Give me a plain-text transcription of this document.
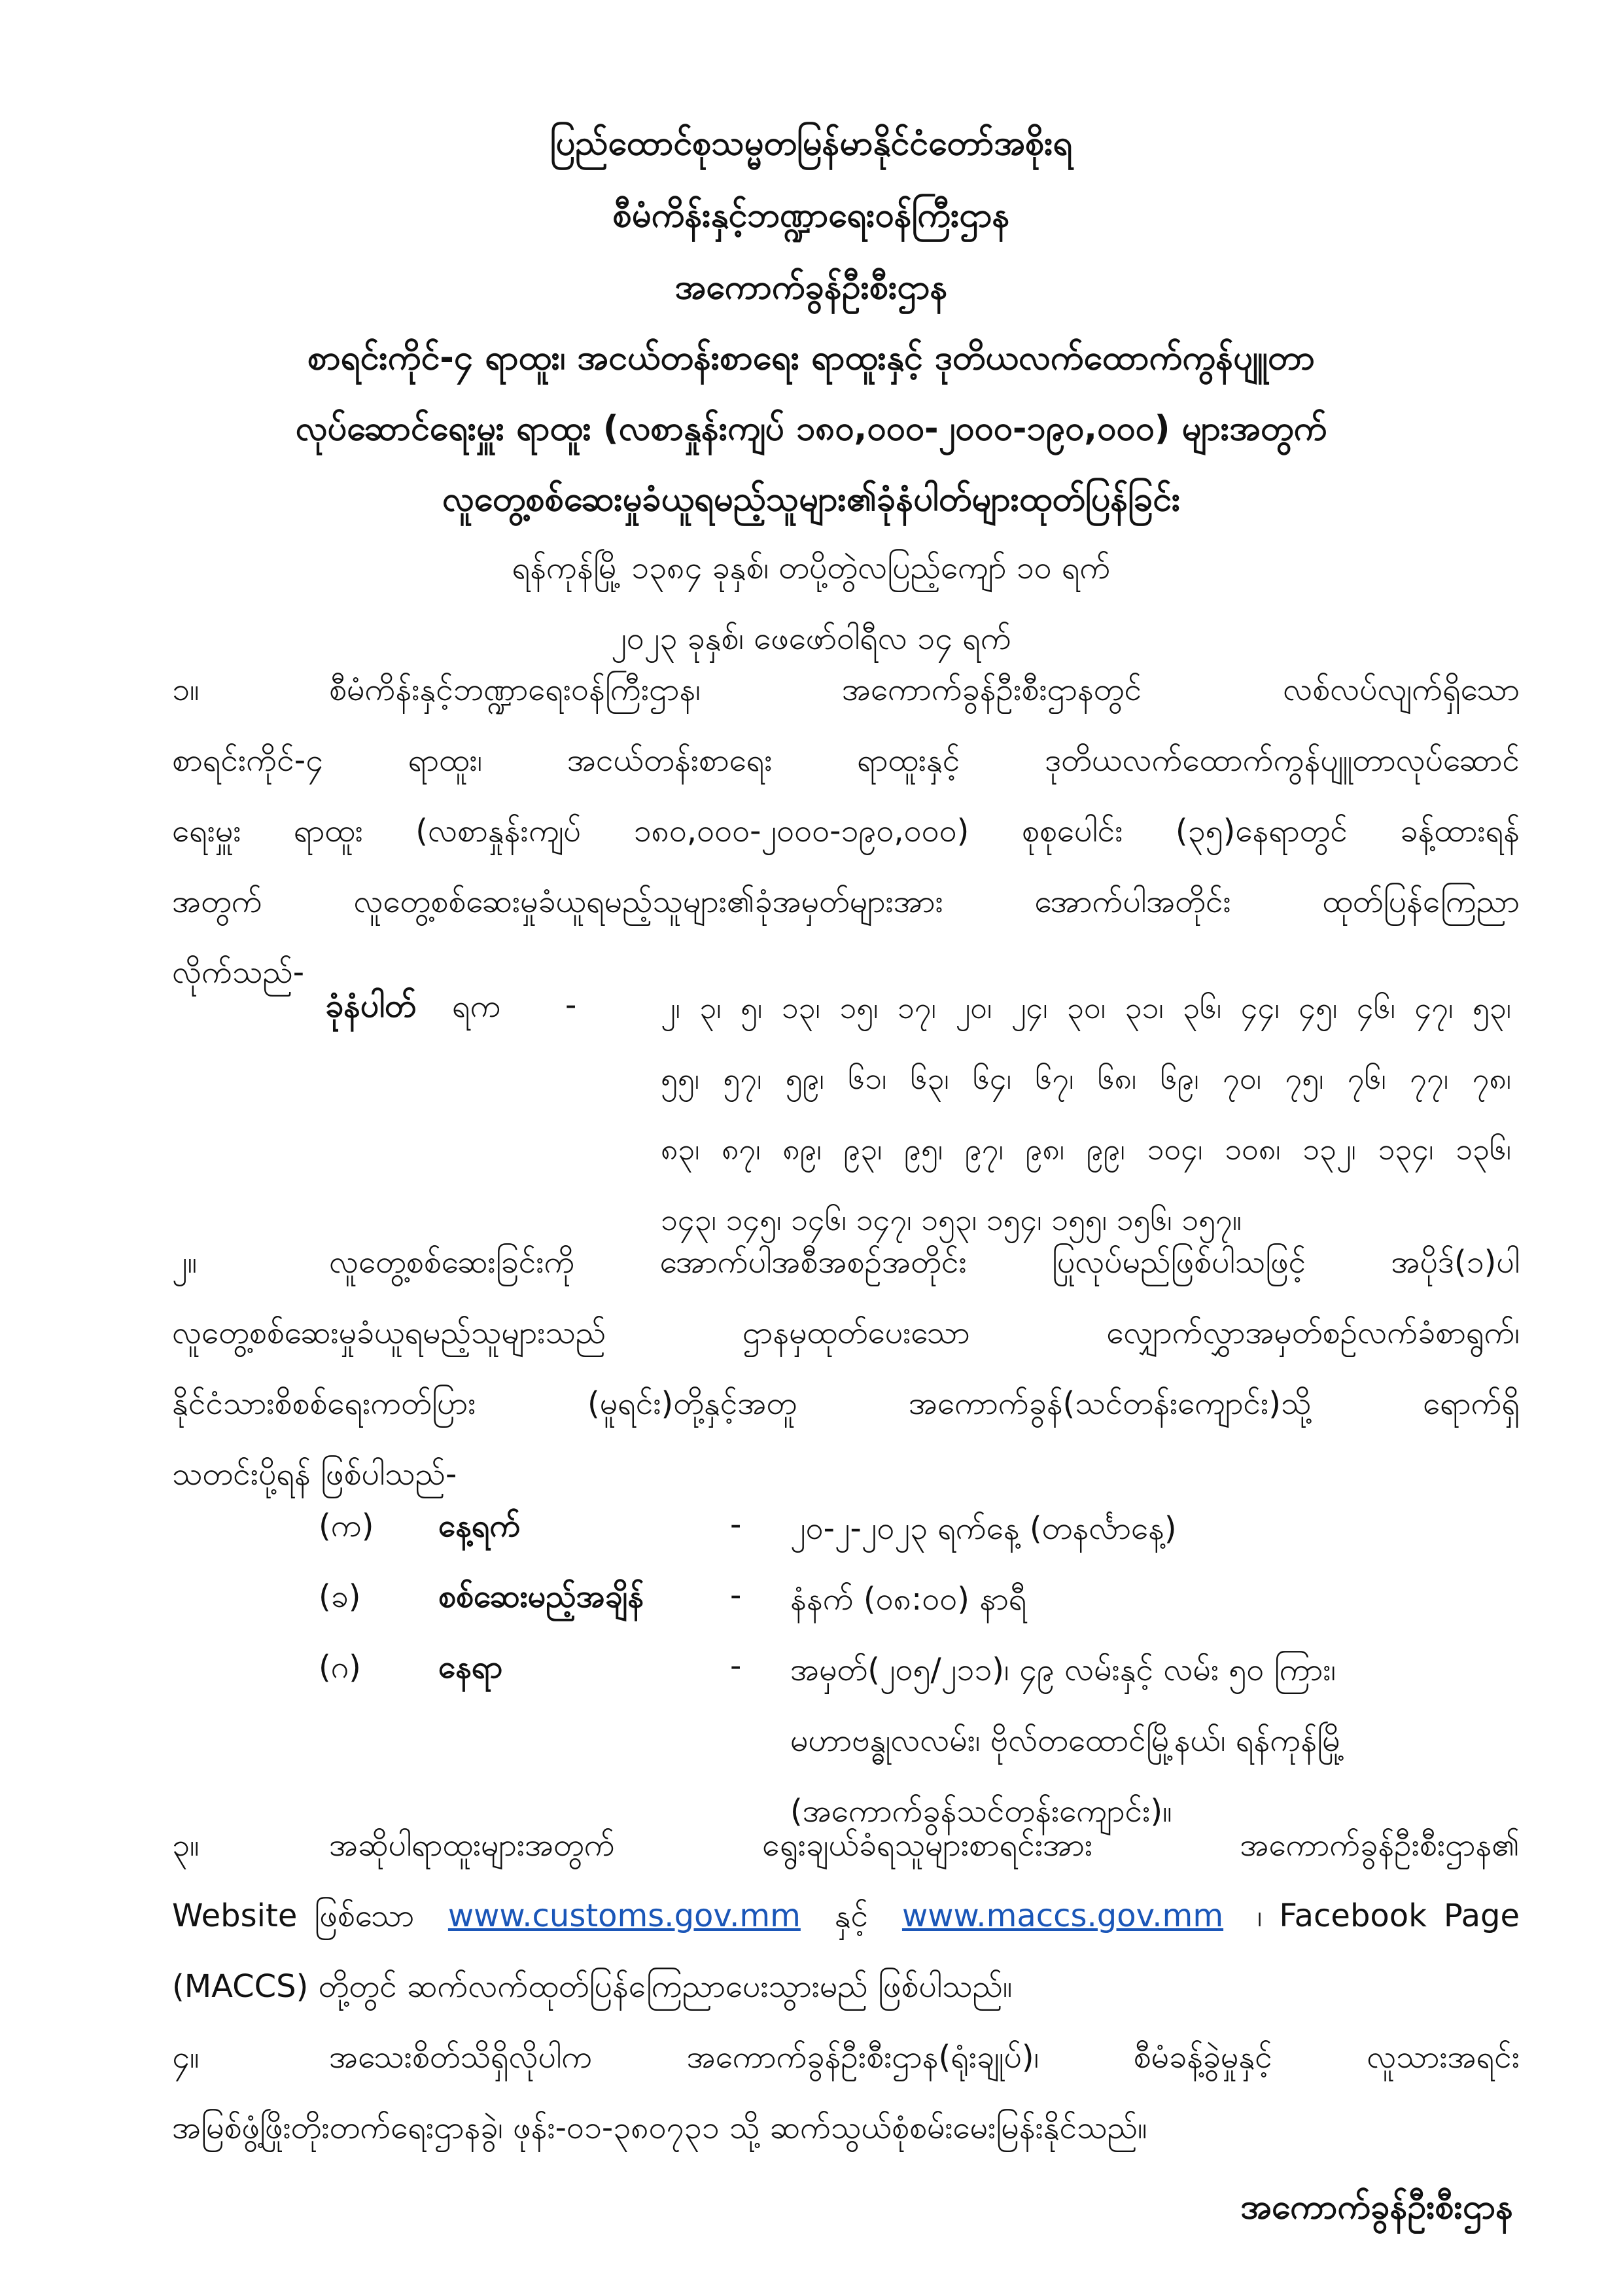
ပြည်ထောင်စုသမ္မတမြန်မာနိုင်ငံတော်အစိုးရ
စီမံကိန်းနှင့်ဘဏ္ဍာရေးဝန်ကြီးဌာန
အကောက်ခွန်ဦးစီးဌာန
စာရင်းကိုင်-၄ ရာထူး၊ အငယ်တန်းစာရေး ရာထူးနှင့် ဒုတိယလက်ထောက်ကွန်ပျူတာ
လုပ်ဆောင်ရေးမှူး ရာထူး (လစာနှုန်းကျပ် ၁၈၀,၀၀၀-၂၀၀၀-၁၉၀,၀၀၀) များအတွက်
လူတွေ့စစ်ဆေးမှုခံယူရမည့်သူများ၏ခုံနံပါတ်များထုတ်ပြန်ခြင်း
ရန်ကုန်မြို့ ၁၃၈၄ ခုနှစ်၊ တပို့တွဲလပြည့်ကျော် ၁၀ ရက်
၂၀၂၃ ခုနှစ်၊ ဖေဖော်ဝါရီလ ၁၄ ရက်
၁။	စီမံကိန်းနှင့်ဘဏ္ဍာရေးဝန်ကြီးဌာန၊ အကောက်ခွန်ဦးစီးဌာနတွင် လစ်လပ်လျက်ရှိသော
စာရင်းကိုင်-၄ ရာထူး၊ အငယ်တန်းစာရေး ရာထူးနှင့် ဒုတိယလက်ထောက်ကွန်ပျူတာလုပ်ဆောင်
ရေးမှူး ရာထူး (လစာနှုန်းကျပ် ၁၈၀,၀၀၀-၂၀၀၀-၁၉၀,၀၀၀) စုစုပေါင်း (၃၅)နေရာတွင် ခန့်ထားရန်
အတွက် လူတွေ့စစ်ဆေးမှုခံယူရမည့်သူများ၏ခုံအမှတ်များအား အောက်ပါအတိုင်း ထုတ်ပြန်ကြေညာ
လိုက်သည်-
ခုံနံပါတ် ရက -	၂၊ ၃၊ ၅၊ ၁၃၊ ၁၅၊ ၁၇၊ ၂၀၊ ၂၄၊ ၃၀၊ ၃၁၊ ၃၆၊ ၄၄၊ ၄၅၊ ၄၆၊ ၄၇၊ ၅၃၊
၅၅၊ ၅၇၊ ၅၉၊ ၆၁၊ ၆၃၊ ၆၄၊ ၆၇၊ ၆၈၊ ၆၉၊ ၇၀၊ ၇၅၊ ၇၆၊ ၇၇၊ ၇၈၊
၈၃၊ ၈၇၊ ၈၉၊ ၉၃၊ ၉၅၊ ၉၇၊ ၉၈၊ ၉၉၊ ၁၀၄၊ ၁၀၈၊ ၁၃၂၊ ၁၃၄၊ ၁၃၆၊
၁၄၃၊ ၁၄၅၊ ၁၄၆၊ ၁၄၇၊ ၁၅၃၊ ၁၅၄၊ ၁၅၅၊ ၁၅၆၊ ၁၅၇။
၂။	လူတွေ့စစ်ဆေးခြင်းကို အောက်ပါအစီအစဉ်အတိုင်း ပြုလုပ်မည်ဖြစ်ပါသဖြင့် အပိုဒ်(၁)ပါ
လူတွေ့စစ်ဆေးမှုခံယူရမည့်သူများသည် ဌာနမှထုတ်ပေးသော လျှောက်လွှာအမှတ်စဉ်လက်ခံစာရွက်၊
နိုင်ငံသားစိစစ်ရေးကတ်ပြား (မူရင်း)တို့နှင့်အတူ အကောက်ခွန်(သင်တန်းကျောင်း)သို့ ရောက်ရှိ
သတင်းပို့ရန် ဖြစ်ပါသည်-
(က) နေ့ရက်	- ၂၀-၂-၂၀၂၃ ရက်နေ့ (တနင်္လာနေ့)
(ခ) စစ်ဆေးမည့်အချိန်	- နံနက် (၀၈:၀၀) နာရီ
(ဂ) နေရာ	- အမှတ်(၂၀၅/၂၁၁)၊ ၄၉ လမ်းနှင့် လမ်း ၅၀ ကြား၊
မဟာဗန္ဓုလလမ်း၊ ဗိုလ်တထောင်မြို့နယ်၊ ရန်ကုန်မြို့
(အကောက်ခွန်သင်တန်းကျောင်း)။
၃။	အဆိုပါရာထူးများအတွက် ရွေးချယ်ခံရသူများစာရင်းအား အကောက်ခွန်ဦးစီးဌာန၏
Website ဖြစ်သော www.customs.gov.mm နှင့် www.maccs.gov.mm ၊ Facebook Page
(MACCS) တို့တွင် ဆက်လက်ထုတ်ပြန်ကြေညာပေးသွားမည် ဖြစ်ပါသည်။
၄။	အသေးစိတ်သိရှိလိုပါက အကောက်ခွန်ဦးစီးဌာန(ရုံးချုပ်)၊ စီမံခန့်ခွဲမှုနှင့် လူသားအရင်း
အမြစ်ဖွံ့ဖြိုးတိုးတက်ရေးဌာနခွဲ၊ ဖုန်း-၀၁-၃၈၀၇၃၁ သို့ ဆက်သွယ်စုံစမ်းမေးမြန်းနိုင်သည်။
အကောက်ခွန်ဦးစီးဌာန
